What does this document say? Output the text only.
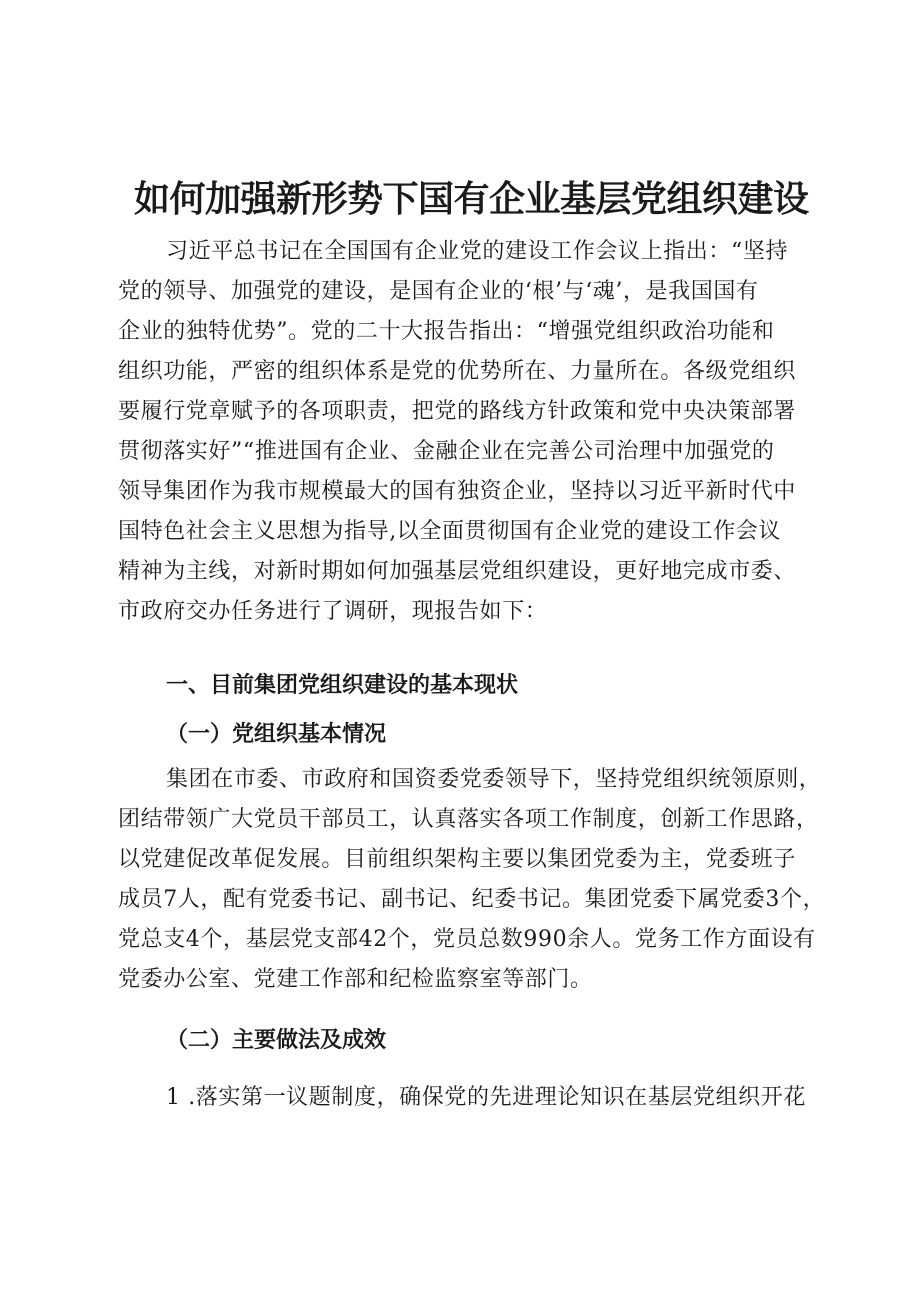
如何加强新形势下国有企业基层党组织建设
习近平总书记在全国国有企业党的建设工作会议上指出：“坚持
党的领导、加强党的建设，是国有企业的‘根’与‘魂’，是我国国有
企业的独特优势”。党的二十大报告指出：“增强党组织政治功能和
组织功能，严密的组织体系是党的优势所在、力量所在。各级党组织
要履行党章赋予的各项职责，把党的路线方针政策和党中央决策部署
贯彻落实好”“推进国有企业、金融企业在完善公司治理中加强党的
领导集团作为我市规模最大的国有独资企业，坚持以习近平新时代中
国特色社会主义思想为指导,以全面贯彻国有企业党的建设工作会议
精神为主线，对新时期如何加强基层党组织建设，更好地完成市委、
市政府交办任务进行了调研，现报告如下：
一、目前集团党组织建设的基本现状
（一）党组织基本情况
集团在市委、市政府和国资委党委领导下，坚持党组织统领原则，
团结带领广大党员干部员工，认真落实各项工作制度，创新工作思路，
以党建促改革促发展。目前组织架构主要以集团党委为主，党委班子
成员7人，配有党委书记、副书记、纪委书记。集团党委下属党委3个，
党总支4个，基层党支部42个，党员总数990余人。党务工作方面设有
党委办公室、党建工作部和纪检监察室等部门。
（二）主要做法及成效

1 .落实第一议题制度，确保党的先进理论知识在基层党组织开花
